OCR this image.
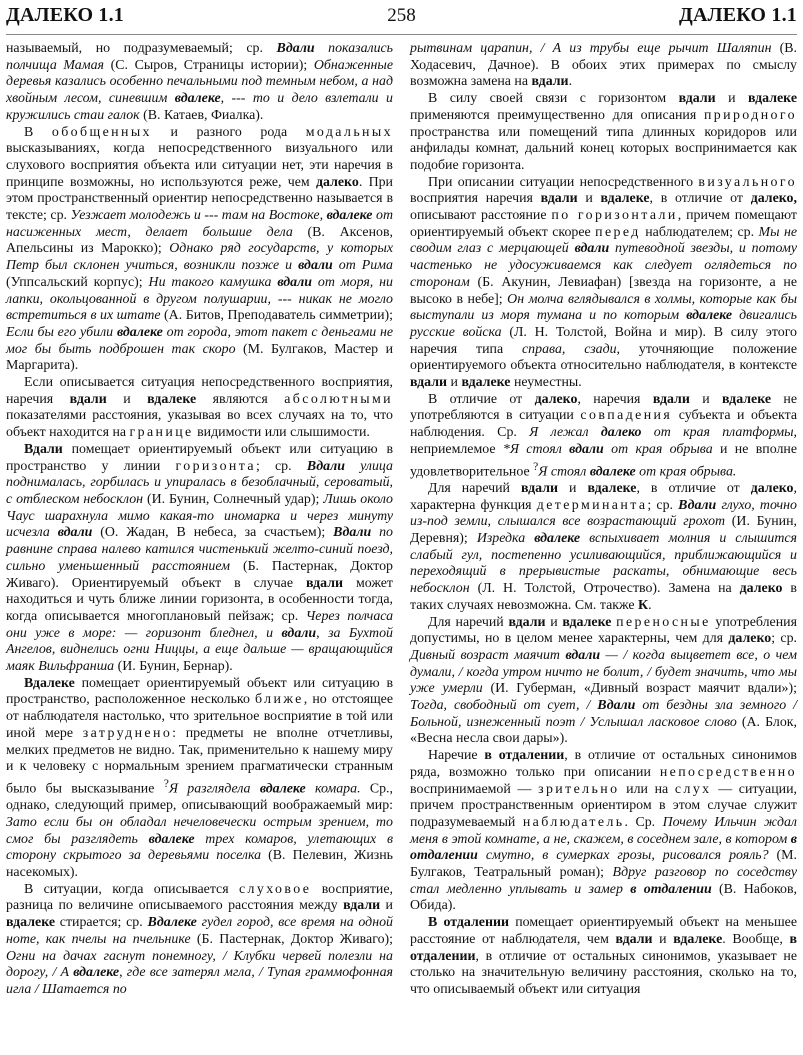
ДАЛЕКО 1.1	258	ДАЛЕКО 1.1

называемый, но подразумеваемый; ср. Вдали показались полчища Мамая (С. Сыров, Страницы истории); Обнаженные деревья казались особенно печальными под темным небом, а над хвойным лесом, синевшим вдалеке, --- то и дело взлетали и кружились стаи галок (В. Катаев, Фиалка).

В обобщенных и разного рода модальных высказываниях, когда непосредственного визуального или слухового восприятия объекта или ситуации нет, эти наречия в принципе возможны, но используются реже, чем далеко. При этом пространственный ориентир непосредственно называется в тексте; ср. Уезжает молодежь и --- там на Востоке, вдалеке от насиженных мест, делает большие дела (В. Аксенов, Апельсины из Марокко); Однако ряд государств, у которых Петр был склонен учиться, возникли позже и вдали от Рима (Уппсальский корпус); Ни такого камушка вдали от моря, ни лапки, окольцованной в другом полушарии, --- никак не могло встретиться в их штате (А. Битов, Преподаватель симметрии); Если бы его убили вдалеке от города, этот пакет с деньгами не мог бы быть подброшен так скоро (М. Булгаков, Мастер и Маргарита).

Если описывается ситуация непосредственного восприятия, наречия вдали и вдалеке являются абсолютными показателями расстояния, указывая во всех случаях на то, что объект находится на границе видимости или слышимости.

Вдали помещает ориентируемый объект или ситуацию в пространство у линии горизонта; ср. Вдали улица поднималась, горбилась и упиралась в безоблачный, сероватый, с отблеском небосклон (И. Бунин, Солнечный удар); Лишь около Чаус шарахнула мимо какая-то иномарка и через минуту исчезла вдали (О. Жадан, В небеса, за счастьем); Вдали по равнине справа налево катился чистенький желто-синий поезд, сильно уменьшенный расстоянием (Б. Пастернак, Доктор Живаго). Ориентируемый объект в случае вдали может находиться и чуть ближе линии горизонта, в особенности тогда, когда описывается многоплановый пейзаж; ср. Через полчаса они уже в море: — горизонт бледнел, и вдали, за Бухтой Ангелов, виднелись огни Ниццы, а еще дальше — вращающийся маяк Вильфранша (И. Бунин, Бернар).

Вдалеке помещает ориентируемый объект или ситуацию в пространство, расположенное несколько ближе, но отстоящее от наблюдателя настолько, что зрительное восприятие в той или иной мере затруднено: предметы не вполне отчетливы, мелких предметов не видно. Так, применительно к нашему миру и к человеку с нормальным зрением прагматически странным было бы высказывание ?Я разглядела вдалеке комара. Ср., однако, следующий пример, описывающий воображаемый мир: Зато если бы он обладал нечеловечески острым зрением, то смог бы разглядеть вдалеке трех комаров, улетающих в сторону скрытого за деревьями поселка (В. Пелевин, Жизнь насекомых).

В ситуации, когда описывается слуховое восприятие, разница по величине описываемого расстояния между вдали и вдалеке стирается; ср. Вдалеке гудел город, все время на одной ноте, как пчелы на пчельнике (Б. Пастернак, Доктор Живаго); Огни на дачах гаснут понемногу, / Клубки червей полезли на дорогу, / А вдалеке, где все затерял мгла, / Тупая граммофонная игла / Шатается по

рытвинам царапин, / А из трубы еще рычит Шаляпин (В. Ходасевич, Дачное). В обоих этих примерах по смыслу возможна замена на вдали.

В силу своей связи с горизонтом вдали и вдалеке применяются преимущественно для описания природного пространства или помещений типа длинных коридоров или анфилады комнат, дальний конец которых воспринимается как подобие горизонта.

При описании ситуации непосредственного визуального восприятия наречия вдали и вдалеке, в отличие от далеко, описывают расстояние по горизонтали, причем помещают ориентируемый объект скорее перед наблюдателем; ср. Мы не сводим глаз с мерцающей вдали путеводной звезды, и потому частенько не удосуживаемся как следует оглядеться по сторонам (Б. Акунин, Левиафан) [звезда на горизонте, а не высоко в небе]; Он молча вглядывался в холмы, которые как бы выступали из моря тумана и по которым вдалеке двигались русские войска (Л. Н. Толстой, Война и мир). В силу этого наречия типа справа, сзади, уточняющие положение ориентируемого объекта относительно наблюдателя, в контексте вдали и вдалеке неуместны.

В отличие от далеко, наречия вдали и вдалеке не употребляются в ситуации совпадения субъекта и объекта наблюдения. Ср. Я лежал далеко от края платформы, неприемлемое *Я стоял вдали от края обрыва и не вполне удовлетворительное ?Я стоял вдалеке от края обрыва.

Для наречий вдали и вдалеке, в отличие от далеко, характерна функция детерминанта; ср. Вдали глухо, точно из-под земли, слышался все возрастающий грохот (И. Бунин, Деревня); Изредка вдалеке вспыхивает молния и слышится слабый гул, постепенно усиливающийся, приближающийся и переходящий в прерывистые раскаты, обнимающие весь небосклон (Л. Н. Толстой, Отрочество). Замена на далеко в таких случаях невозможна. См. также К.

Для наречий вдали и вдалеке переносные употребления допустимы, но в целом менее характерны, чем для далеко; ср. Дивный возраст маячит вдали — / когда выцветет все, о чем думали, / когда утром ничто не болит, / будет значить, что мы уже умерли (И. Губерман, «Дивный возраст маячит вдали»); Тогда, свободный от сует, / Вдали от бездны зла земного / Больной, изнеженный поэт / Услышал ласковое слово (А. Блок, «Весна несла свои дары»).

Наречие в отдалении, в отличие от остальных синонимов ряда, возможно только при описании непосредственно воспринимаемой — зрительно или на слух — ситуации, причем пространственным ориентиром в этом случае служит подразумеваемый наблюдатель. Ср. Почему Ильчин ждал меня в этой комнате, а не, скажем, в соседнем зале, в котором в отдалении смутно, в сумерках грозы, рисовался рояль? (М. Булгаков, Театральный роман); Вдруг разговор по соседству стал медленно уплывать и замер в отдалении (В. Набоков, Обида).

В отдалении помещает ориентируемый объект на меньшее расстояние от наблюдателя, чем вдали и вдалеке. Вообще, в отдалении, в отличие от остальных синонимов, указывает не столько на значительную величину расстояния, сколько на то, что описываемый объект или ситуация
